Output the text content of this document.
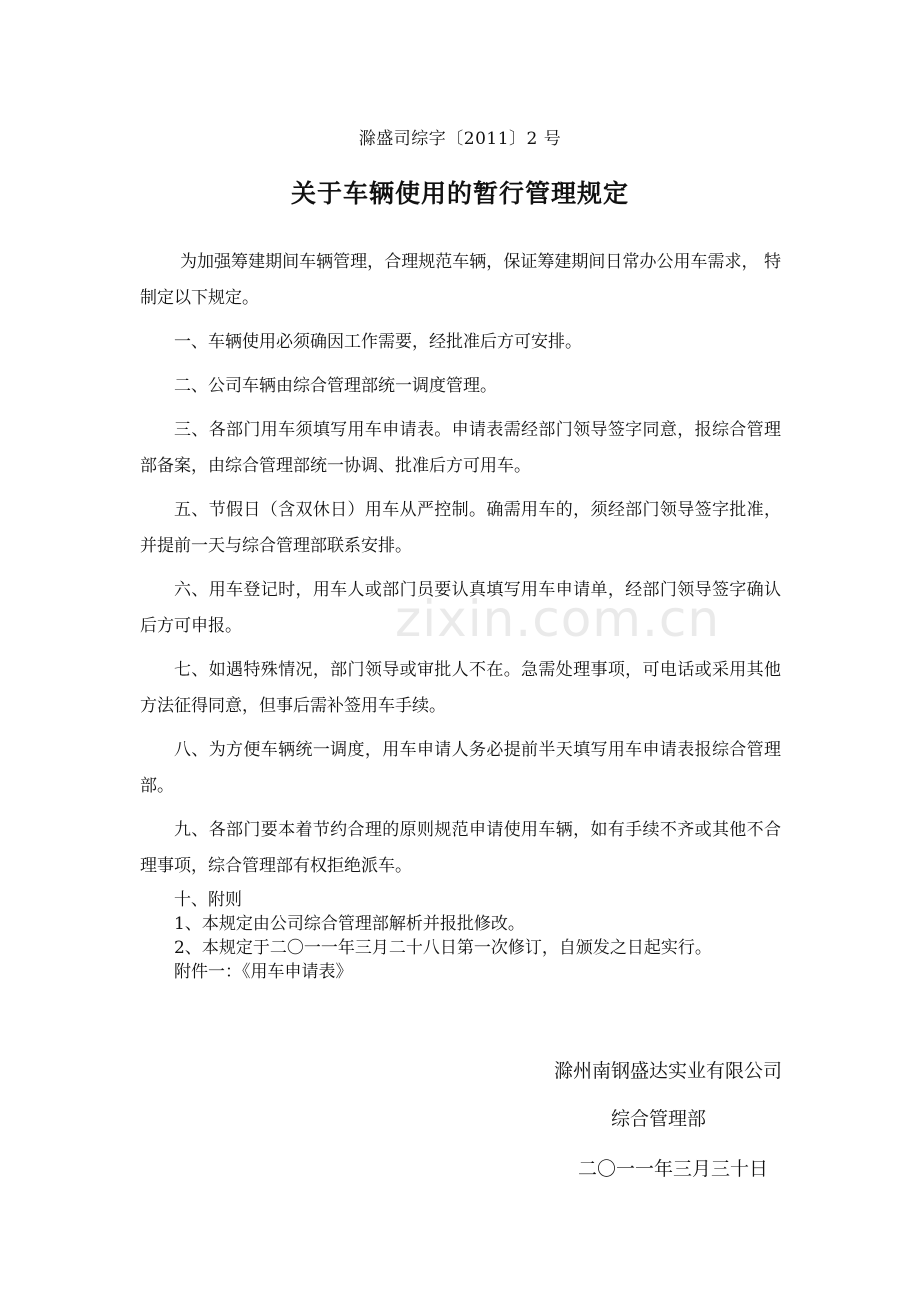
滁盛司综字〔2011〕2 号
关于车辆使用的暂行管理规定
zixin.com.cn

为加强筹建期间车辆管理，合理规范车辆，保证筹建期间日常办公用车需求， 特制定以下规定。

一、车辆使用必须确因工作需要，经批准后方可安排。

二、公司车辆由综合管理部统一调度管理。

三、各部门用车须填写用车申请表。申请表需经部门领导签字同意，报综合管理部备案，由综合管理部统一协调、批准后方可用车。

五、节假日（含双休日）用车从严控制。确需用车的，须经部门领导签字批准，并提前一天与综合管理部联系安排。

六、用车登记时，用车人或部门员要认真填写用车申请单，经部门领导签字确认后方可申报。

七、如遇特殊情况，部门领导或审批人不在。急需处理事项，可电话或采用其他方法征得同意，但事后需补签用车手续。

八、为方便车辆统一调度，用车申请人务必提前半天填写用车申请表报综合管理部。

九、各部门要本着节约合理的原则规范申请使用车辆，如有手续不齐或其他不合理事项，综合管理部有权拒绝派车。

十、附则
1、本规定由公司综合管理部解析并报批修改。
2、本规定于二〇一一年三月二十八日第一次修订，自颁发之日起实行。
附件一：《用车申请表》
滁州南钢盛达实业有限公司
综合管理部
二〇一一年三月三十日
